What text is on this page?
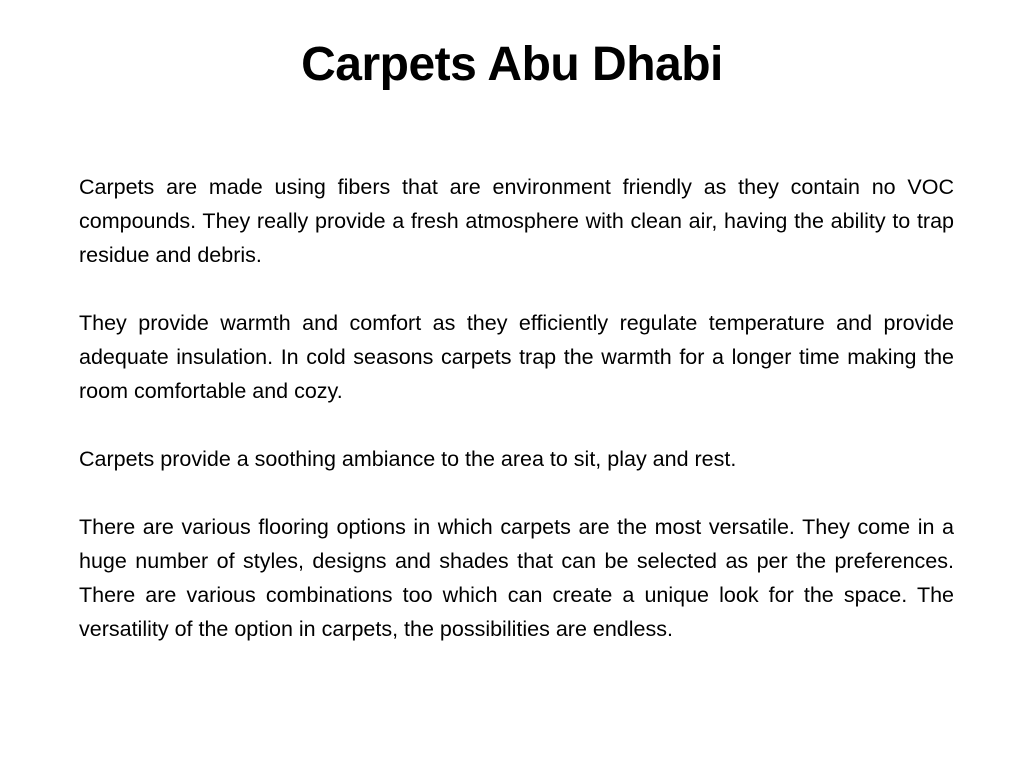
Carpets Abu Dhabi

Carpets are made using fibers that are environment friendly as they contain no VOC compounds. They really provide a fresh atmosphere with clean air, having the ability to trap residue and debris.

They provide warmth and comfort as they efficiently regulate temperature and provide adequate insulation. In cold seasons carpets trap the warmth for a longer time making the room comfortable and cozy.

Carpets provide a soothing ambiance to the area to sit, play and rest.

There are various flooring options in which carpets are the most versatile. They come in a huge number of styles, designs and shades that can be selected as per the preferences. There are various combinations too which can create a unique look for the space. The versatility of the option in carpets, the possibilities are endless.
